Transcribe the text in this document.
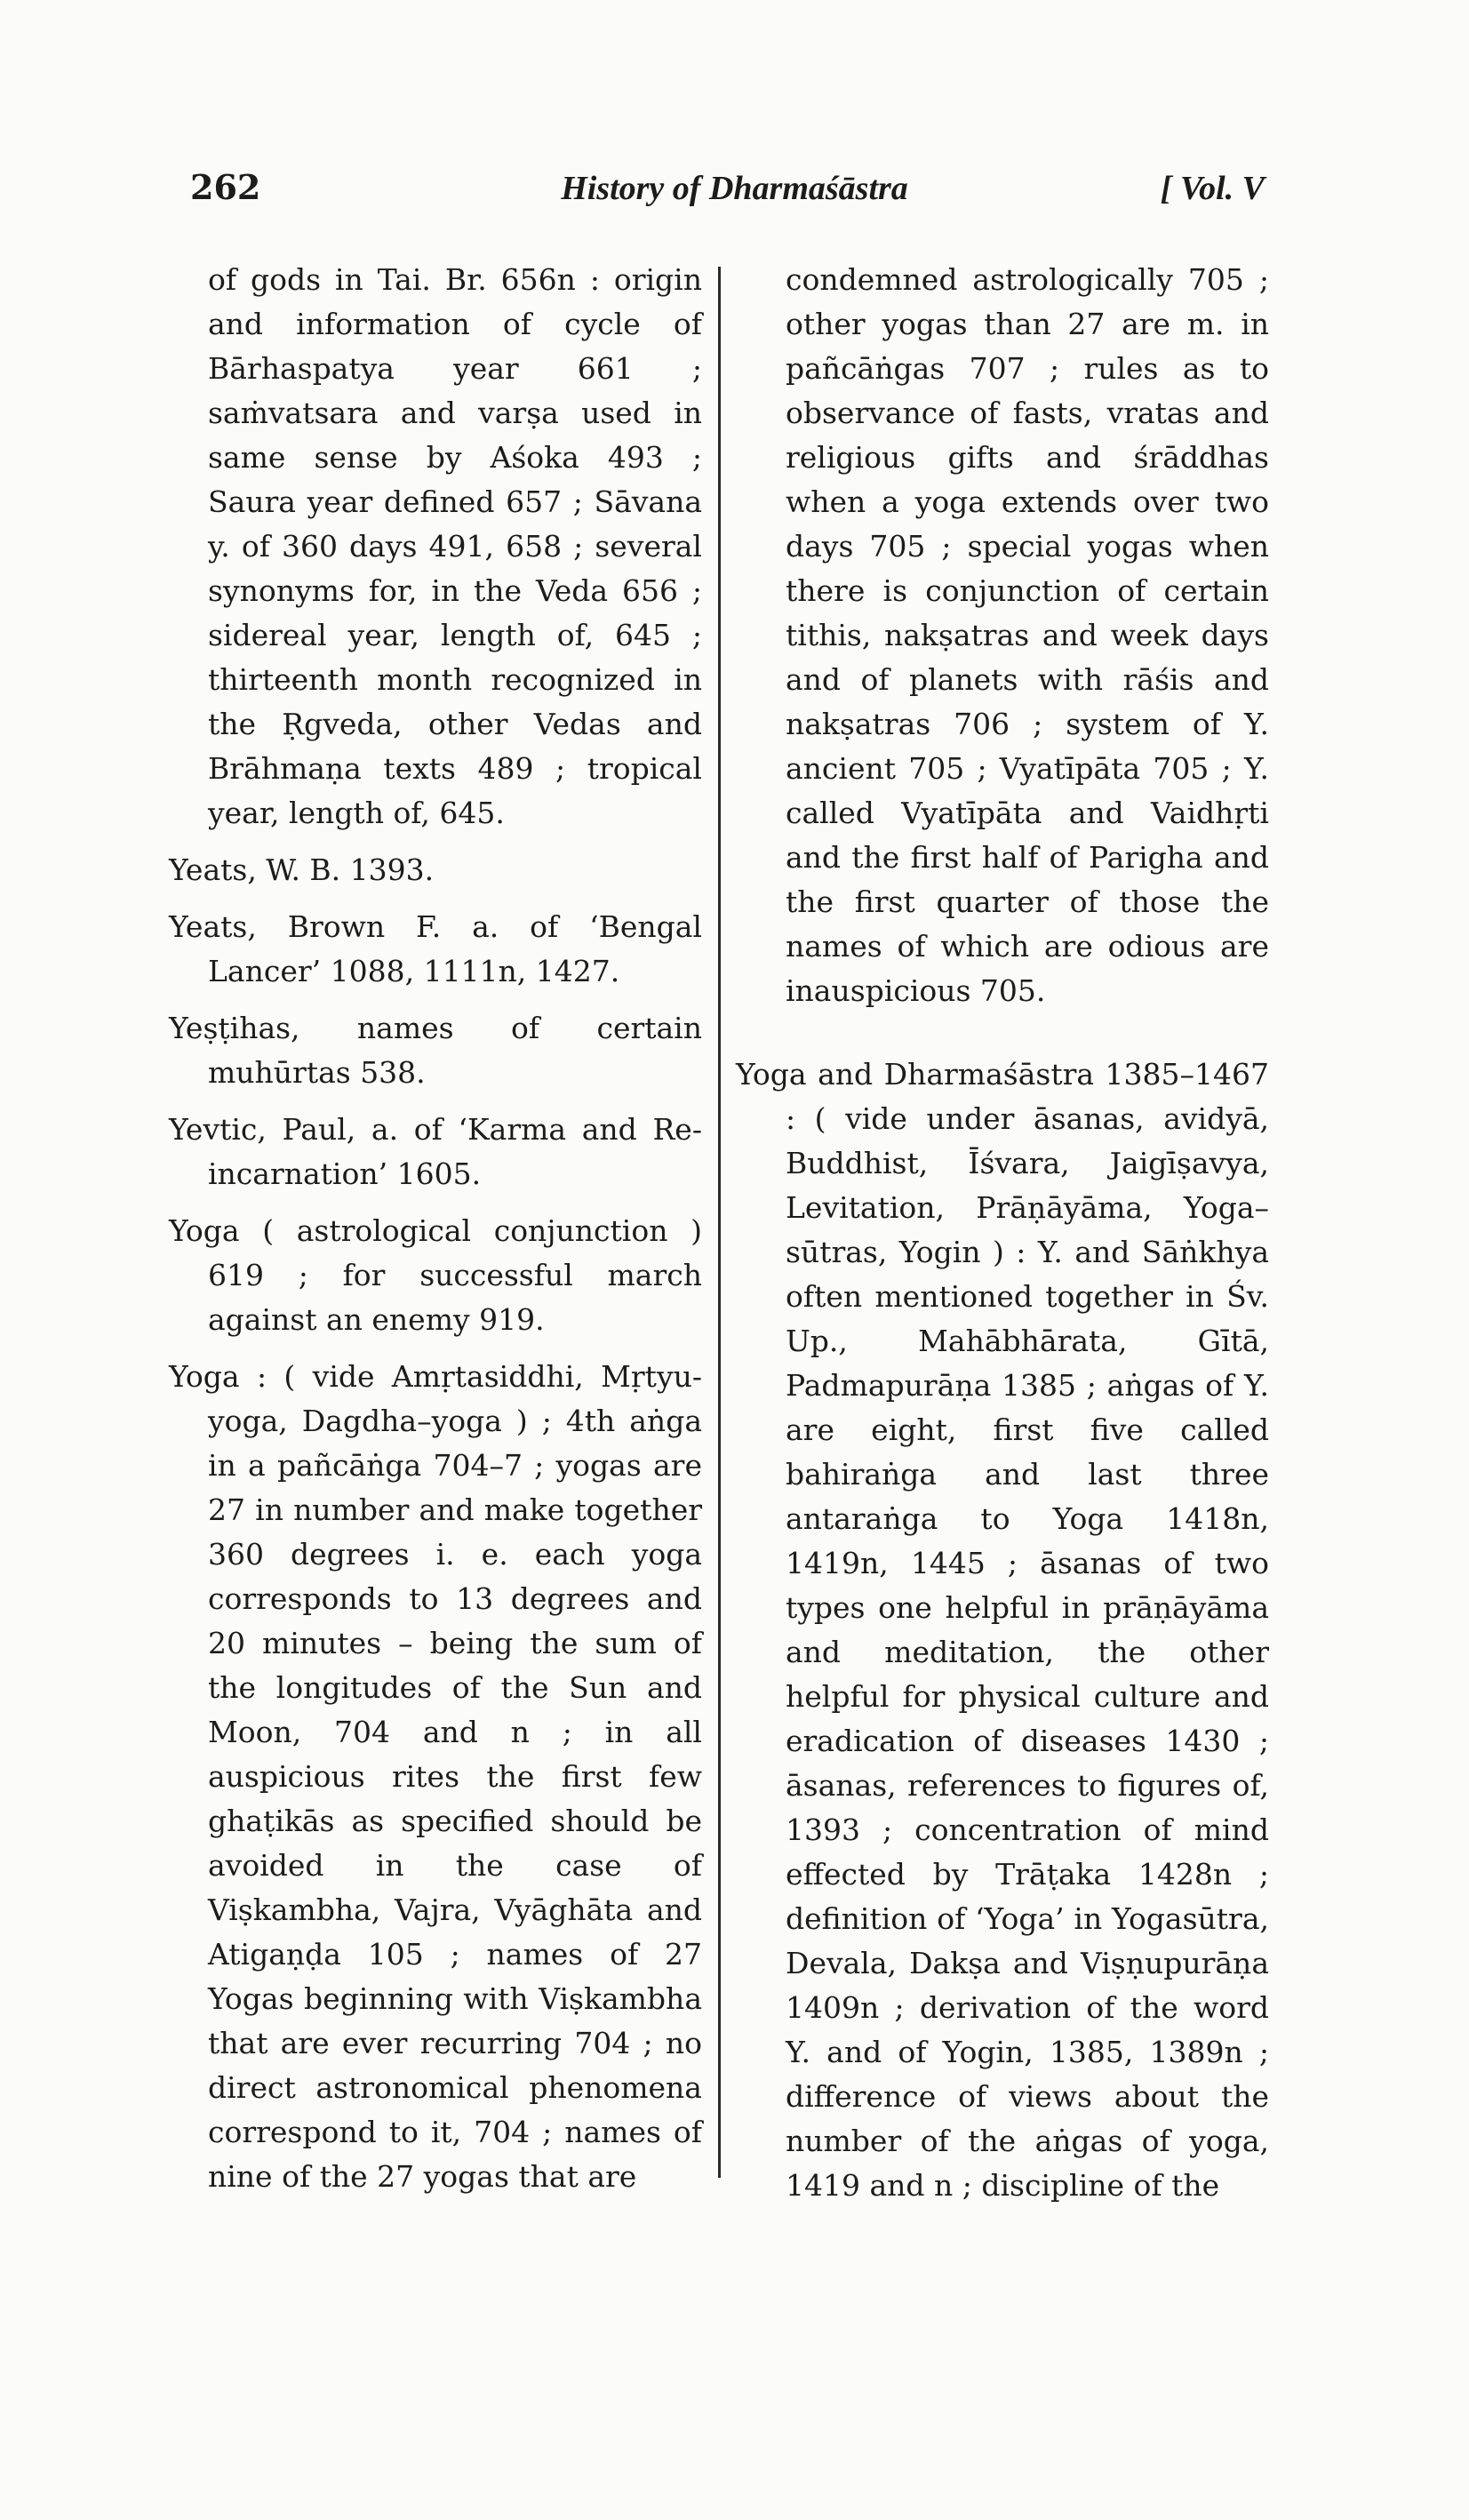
262	History of Dharmaśāstra	[ Vol. V

of gods in Tai. Br. 656n : origin and information of cycle of Bārhaspatya year 661 ; saṁvatsara and varṣa used in same sense by Aśoka 493 ; Saura year defined 657 ; Sāvana y. of 360 days 491, 658 ; several synonyms for, in the Veda 656 ; sidereal year, length of, 645 ; thirteenth month recognized in the Ṛgveda, other Vedas and Brāhmaṇa texts 489 ; tropical year, length of, 645.

Yeats, W. B. 1393.

Yeats, Brown F. a. of ‘Bengal Lancer’ 1088, 1111n, 1427.

Yeṣṭihas, names of certain muhūrtas 538.

Yevtic, Paul, a. of ‘Karma and Re-incarnation’ 1605.

Yoga ( astrological conjunction ) 619 ; for successful march against an enemy 919.

Yoga : ( vide Amṛtasiddhi, Mṛtyu-yoga, Dagdha–yoga ) ; 4th aṅga in a pañcāṅga 704–7 ; yogas are 27 in number and make together 360 degrees i. e. each yoga corresponds to 13 degrees and 20 minutes – being the sum of the longitudes of the Sun and Moon, 704 and n ; in all auspicious rites the first few ghaṭikās as specified should be avoided in the case of Viṣkambha, Vajra, Vyāghāta and Atigaṇḍa 105 ; names of 27 Yogas beginning with Viṣkambha that are ever recurring 704 ; no direct astronomical phenomena correspond to it, 704 ; names of nine of the 27 yogas that are

condemned astrologically 705 ; other yogas than 27 are m. in pañcāṅgas 707 ; rules as to observance of fasts, vratas and religious gifts and śrāddhas when a yoga extends over two days 705 ; special yogas when there is conjunction of certain tithis, nakṣatras and week days and of planets with rāśis and nakṣatras 706 ; system of Y. ancient 705 ; Vyatīpāta 705 ; Y. called Vyatīpāta and Vaidhṛti and the first half of Parigha and the first quarter of those the names of which are odious are inauspicious 705.

Yoga and Dharmaśāstra 1385–1467 : ( vide under āsanas, avidyā, Buddhist, Īśvara, Jaigīṣavya, Levitation, Prāṇāyāma, Yoga–sūtras, Yogin ) : Y. and Sāṅkhya often mentioned together in Śv. Up., Mahābhārata, Gītā, Padmapurāṇa 1385 ; aṅgas of Y. are eight, first five called bahiraṅga and last three antaraṅga to Yoga 1418n, 1419n, 1445 ; āsanas of two types one helpful in prāṇāyāma and meditation, the other helpful for physical culture and eradication of diseases 1430 ; āsanas, references to figures of, 1393 ; concentration of mind effected by Trāṭaka 1428n ; definition of ‘Yoga’ in Yogasūtra, Devala, Dakṣa and Viṣṇupurāṇa 1409n ; derivation of the word Y. and of Yogin, 1385, 1389n ; difference of views about the number of the aṅgas of yoga, 1419 and n ; discipline of the
